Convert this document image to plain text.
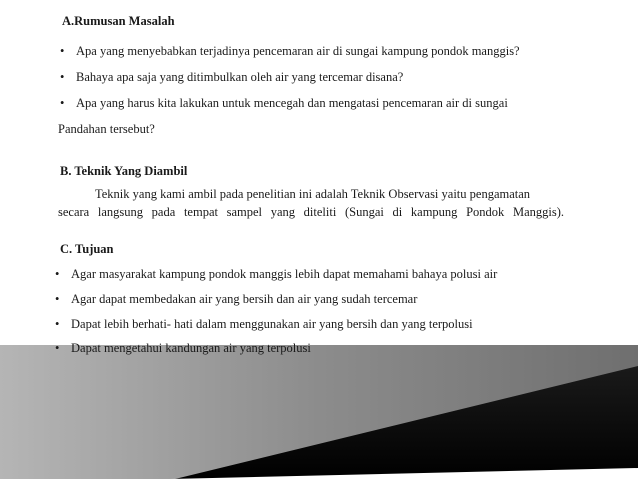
A.Rumusan Masalah
• Apa yang menyebabkan terjadinya pencemaran air di sungai kampung pondok manggis?
• Bahaya apa saja yang ditimbulkan oleh air yang tercemar disana?
• Apa yang harus kita lakukan untuk mencegah dan mengatasi pencemaran air di sungai
Pandahan tersebut?
B. Teknik Yang Diambil
Teknik yang kami ambil pada penelitian ini adalah Teknik Observasi yaitu pengamatan
secara langsung pada tempat sampel yang diteliti (Sungai di kampung Pondok Manggis).
C. Tujuan
• Agar masyarakat kampung pondok manggis lebih dapat memahami bahaya polusi air
• Agar dapat membedakan air yang bersih dan air yang sudah tercemar
• Dapat lebih berhati- hati dalam menggunakan air yang bersih dan yang terpolusi
• Dapat mengetahui kandungan air yang terpolusi
